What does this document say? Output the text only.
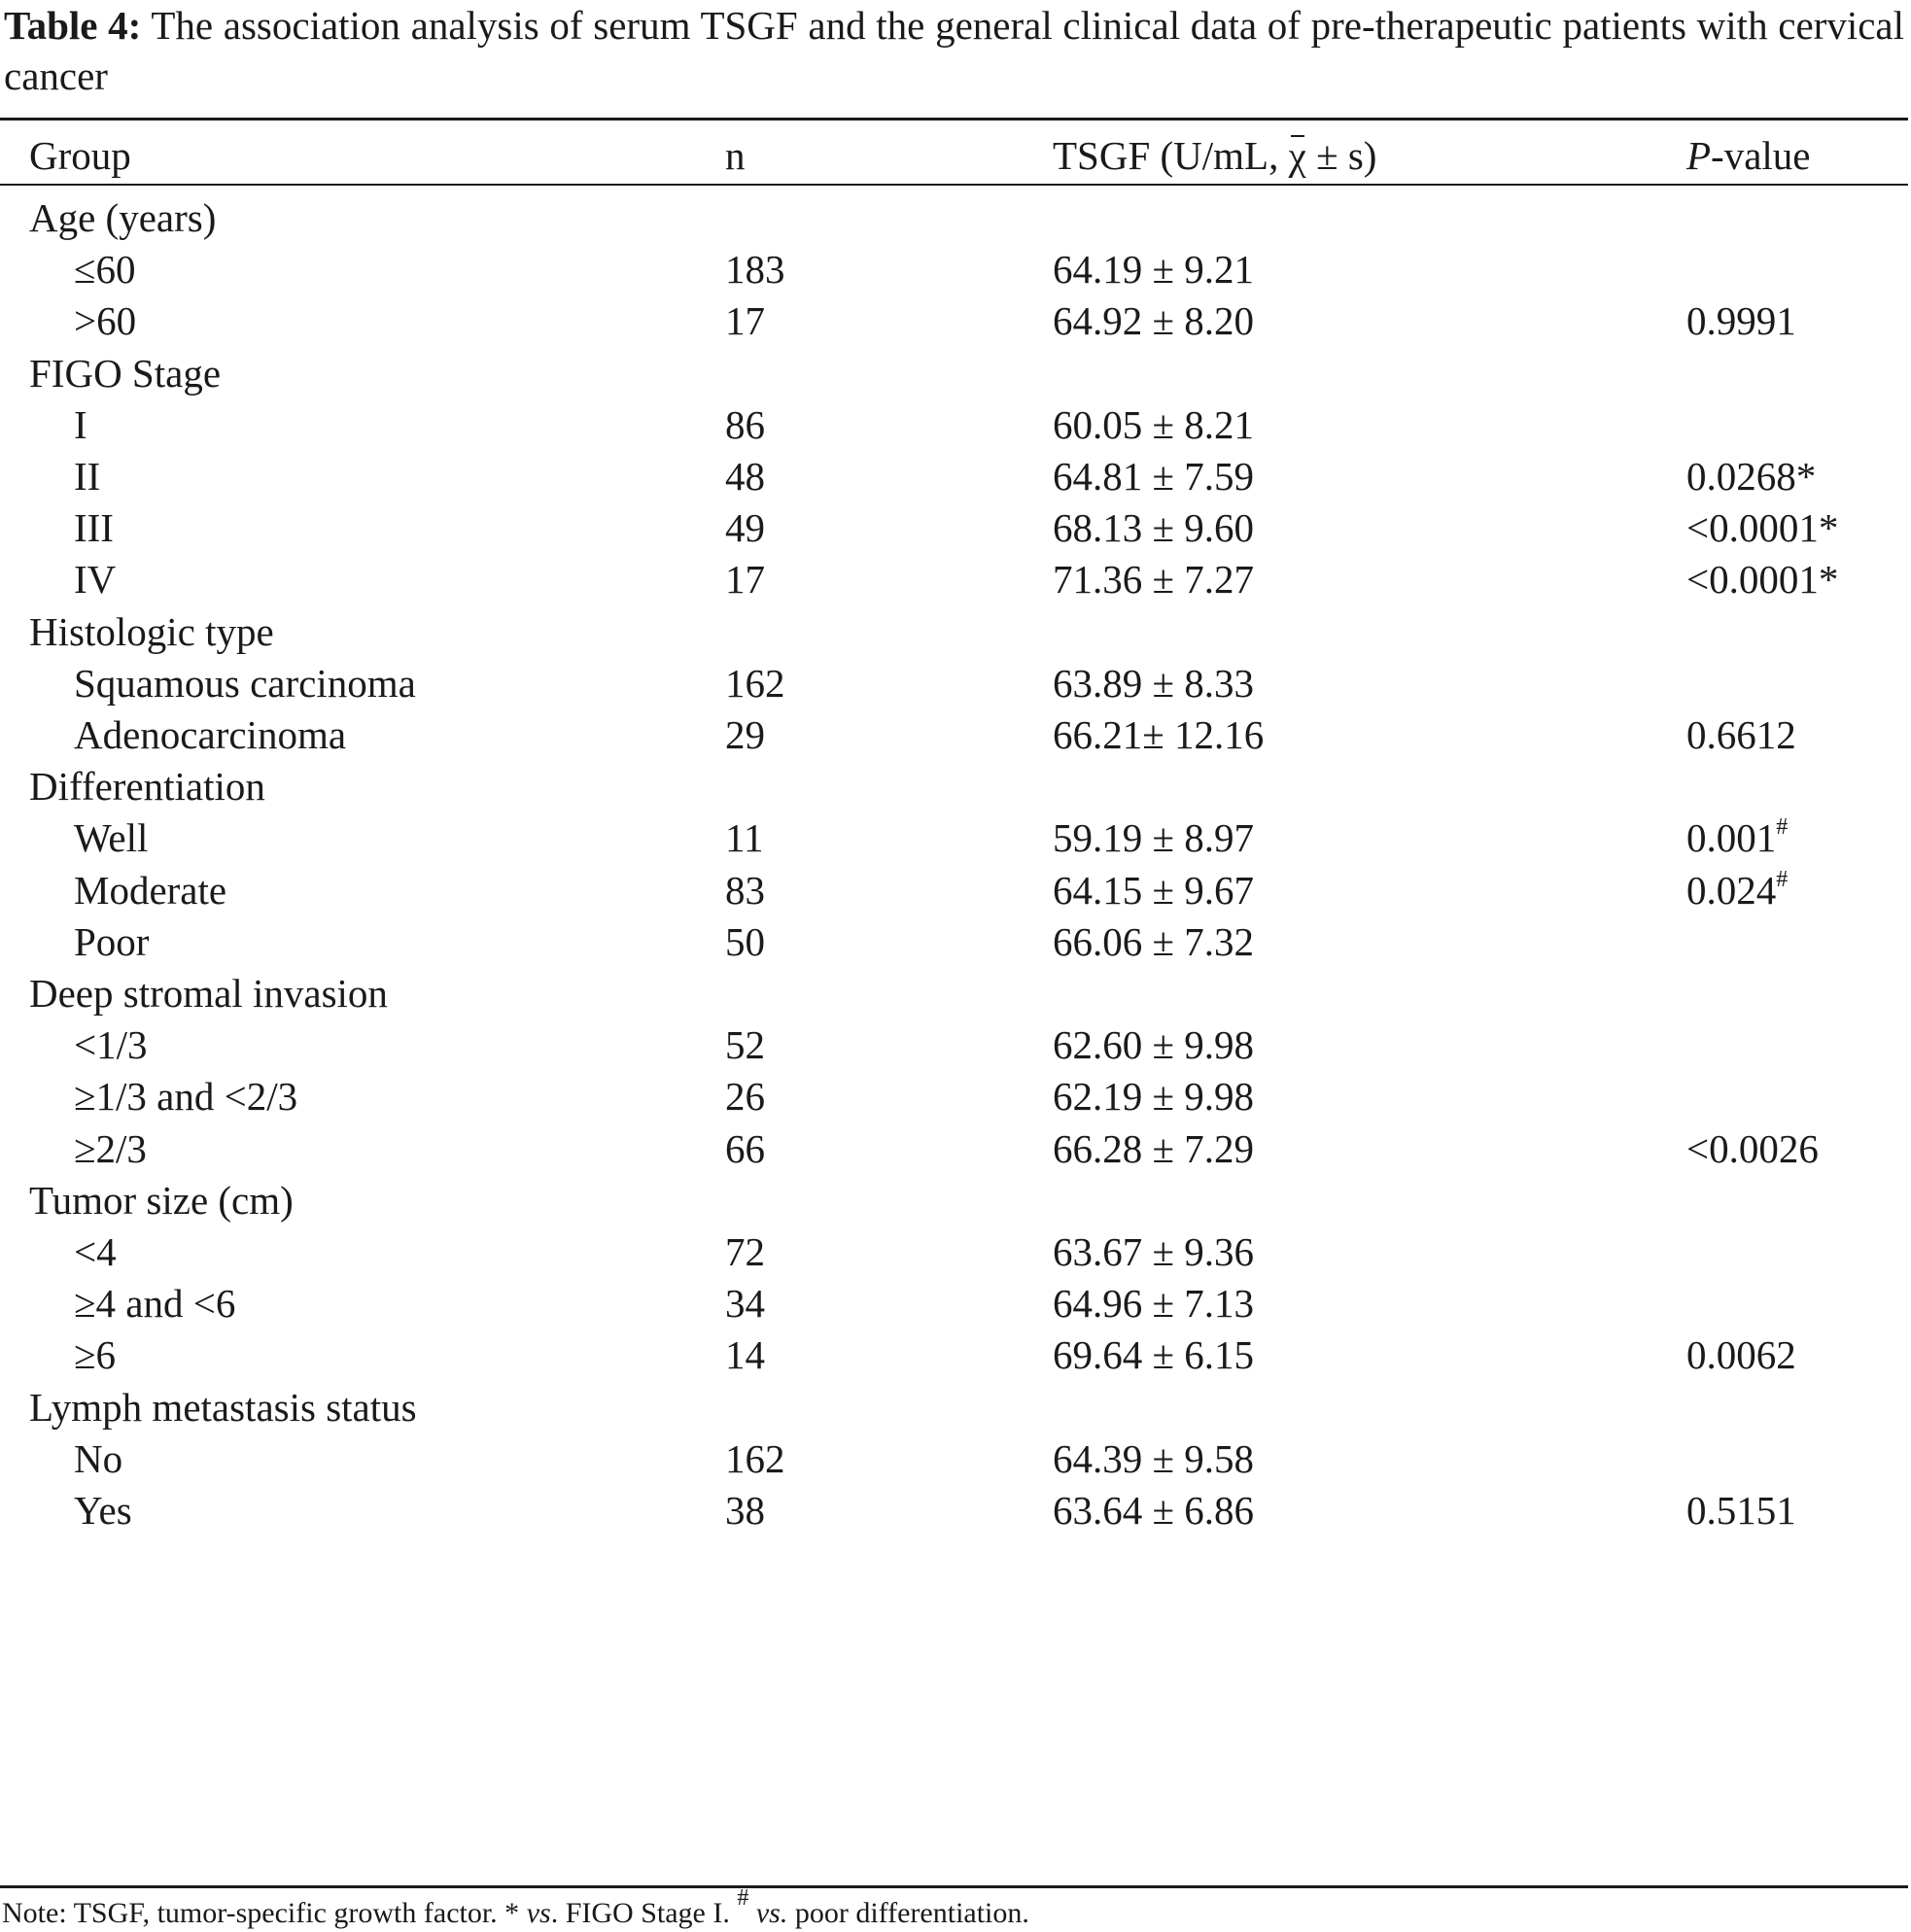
Table 4: The association analysis of serum TSGF and the general clinical data of pre-therapeutic patients with cervical cancer
Group	n	TSGF (U/mL, χ ± s)	P-value
Age (years)
≤60	183	64.19 ± 9.21
>60	17	64.92 ± 8.20	0.9991
FIGO Stage
I	86	60.05 ± 8.21
II	48	64.81 ± 7.59	0.0268*
III	49	68.13 ± 9.60	<0.0001*
IV	17	71.36 ± 7.27	<0.0001*
Histologic type
Squamous carcinoma	162	63.89 ± 8.33
Adenocarcinoma	29	66.21± 12.16	0.6612
Differentiation
Well	11	59.19 ± 8.97	0.001#
Moderate	83	64.15 ± 9.67	0.024#
Poor	50	66.06 ± 7.32
Deep stromal invasion
<1/3	52	62.60 ± 9.98
≥1/3 and <2/3	26	62.19 ± 9.98
≥2/3	66	66.28 ± 7.29	<0.0026
Tumor size (cm)
<4	72	63.67 ± 9.36
≥4 and <6	34	64.96 ± 7.13
≥6	14	69.64 ± 6.15	0.0062
Lymph metastasis status
No	162	64.39 ± 9.58
Yes	38	63.64 ± 6.86	0.5151
Note: TSGF, tumor-specific growth factor. * vs. FIGO Stage I. # vs. poor differentiation.
